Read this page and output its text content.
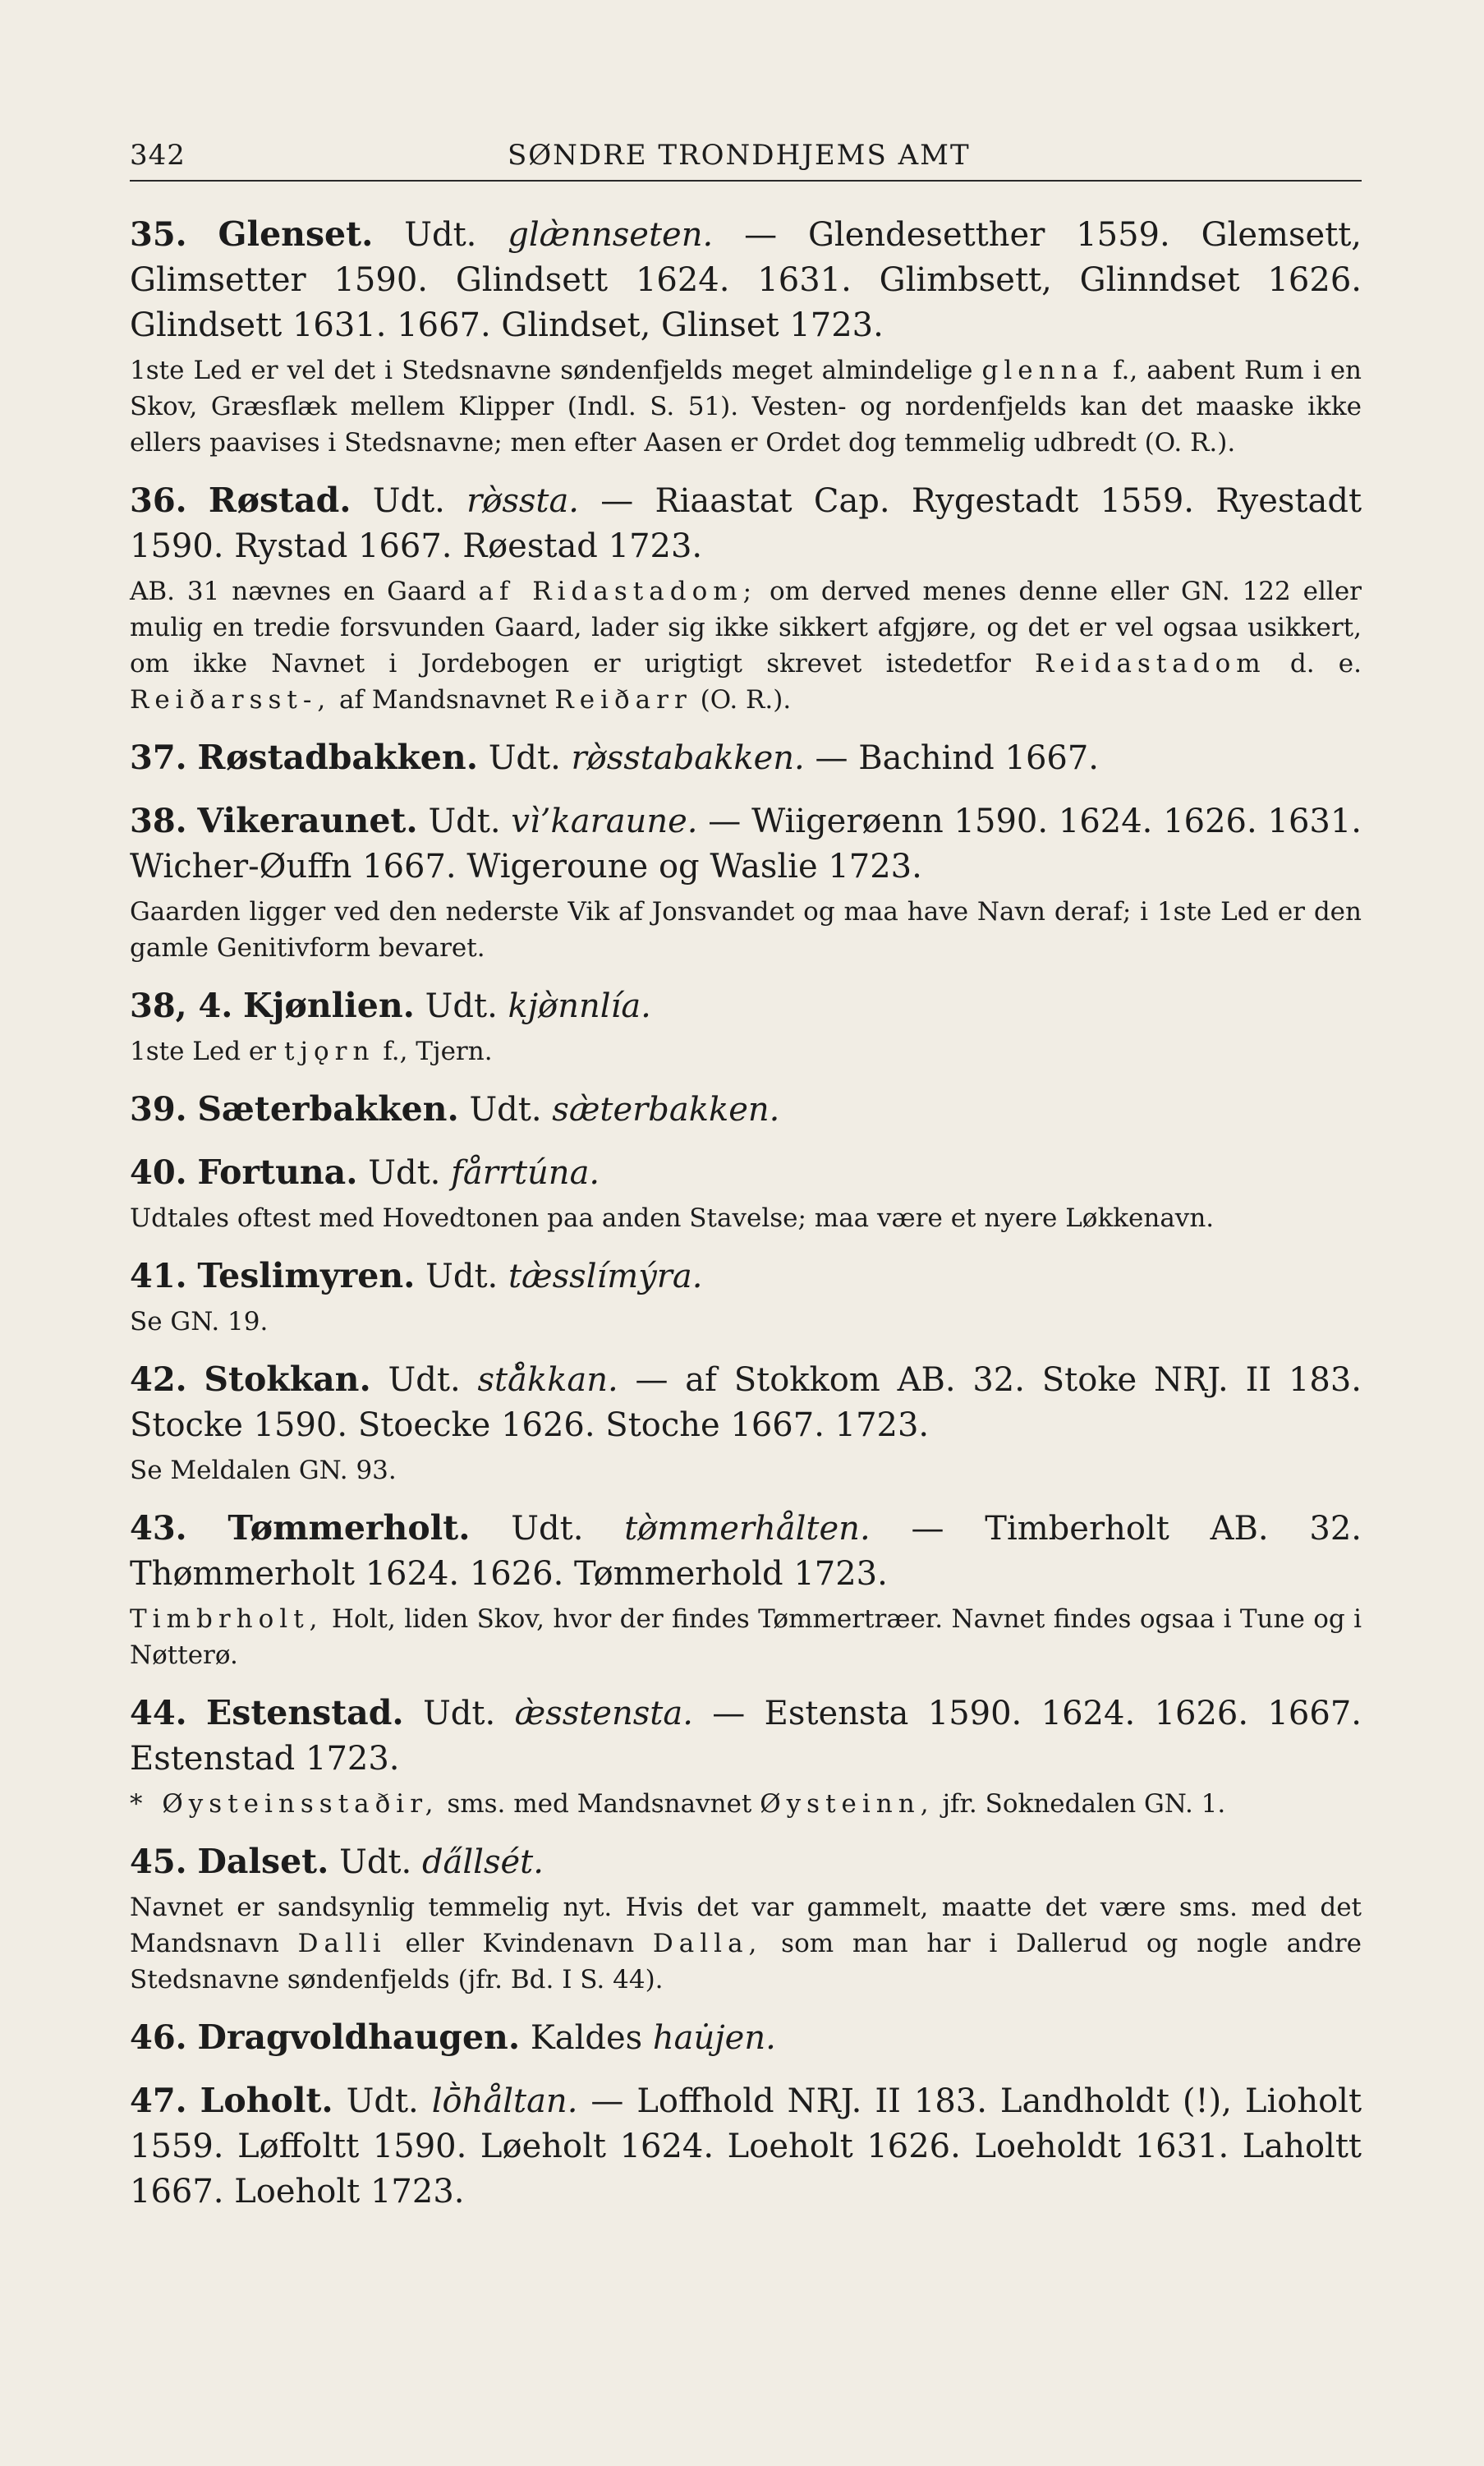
342	SØNDRE TRONDHJEMS AMT
35. Glenset. Udt. glæ̀nnseten. — Glendesetther 1559. Glemsett, Glimsetter 1590. Glindsett 1624. 1631. Glimbsett, Glinndset 1626. Glindsett 1631. 1667. Glindset, Glinset 1723.
1ste Led er vel det i Stedsnavne søndenfjelds meget almindelige glenna f., aabent Rum i en Skov, Græsflæk mellem Klipper (Indl. S. 51). Vesten- og nordenfjelds kan det maaske ikke ellers paavises i Stedsnavne; men efter Aasen er Ordet dog temmelig udbredt (O. R.).
36. Røstad. Udt. rø̀ssta. — Riaastat Cap. Rygestadt 1559. Ryestadt 1590. Rystad 1667. Røestad 1723.
AB. 31 nævnes en Gaard af Ridastadom; om derved menes denne eller GN. 122 eller mulig en tredie forsvunden Gaard, lader sig ikke sikkert afgjøre, og det er vel ogsaa usikkert, om ikke Navnet i Jordebogen er urigtigt skrevet istedetfor Reidastadom d. e. Reiðarsst-, af Mandsnavnet Reiðarr (O. R.).
37. Røstadbakken. Udt. rø̀sstabakken. — Bachind 1667.
38. Vikeraunet. Udt. vì’karaune. — Wiigerøenn 1590. 1624. 1626. 1631. Wicher-Øuffn 1667. Wigeroune og Waslie 1723.
Gaarden ligger ved den nederste Vik af Jonsvandet og maa have Navn deraf; i 1ste Led er den gamle Genitivform bevaret.
38, 4. Kjønlien. Udt. kjø̀nnlía.
1ste Led er tjǫrn f., Tjern.
39. Sæterbakken. Udt. sæ̀terbakken.
40. Fortuna. Udt. fårrtúna.
Udtales oftest med Hovedtonen paa anden Stavelse; maa være et nyere Løkkenavn.
41. Teslimyren. Udt. tæ̀sslímýra.
Se GN. 19.
42. Stokkan. Udt. stå̀kkan. — af Stokkom AB. 32. Stoke NRJ. II 183. Stocke 1590. Stoecke 1626. Stoche 1667. 1723.
Se Meldalen GN. 93.
43. Tømmerholt. Udt. tø̀mmerhålten. — Timberholt AB. 32. Thømmerholt 1624. 1626. Tømmerhold 1723.
Timbrholt, Holt, liden Skov, hvor der findes Tømmertræer. Navnet findes ogsaa i Tune og i Nøtterø.
44. Estenstad. Udt. æ̀sstensta. — Estensta 1590. 1624. 1626. 1667. Estenstad 1723.
* Øysteinsstaðir, sms. med Mandsnavnet Øysteinn, jfr. Soknedalen GN. 1.
45. Dalset. Udt. da̋llsét.
Navnet er sandsynlig temmelig nyt. Hvis det var gammelt, maatte det være sms. med det Mandsnavn Dalli eller Kvindenavn Dalla, som man har i Dallerud og nogle andre Stedsnavne søndenfjelds (jfr. Bd. I S. 44).
46. Dragvoldhaugen. Kaldes hau̇jen.
47. Loholt. Udt. lṑhåltan. — Loffhold NRJ. II 183. Landholdt (!), Lioholt 1559. Løffoltt 1590. Løeholt 1624. Loeholt 1626. Loeholdt 1631. Laholtt 1667. Loeholt 1723.
